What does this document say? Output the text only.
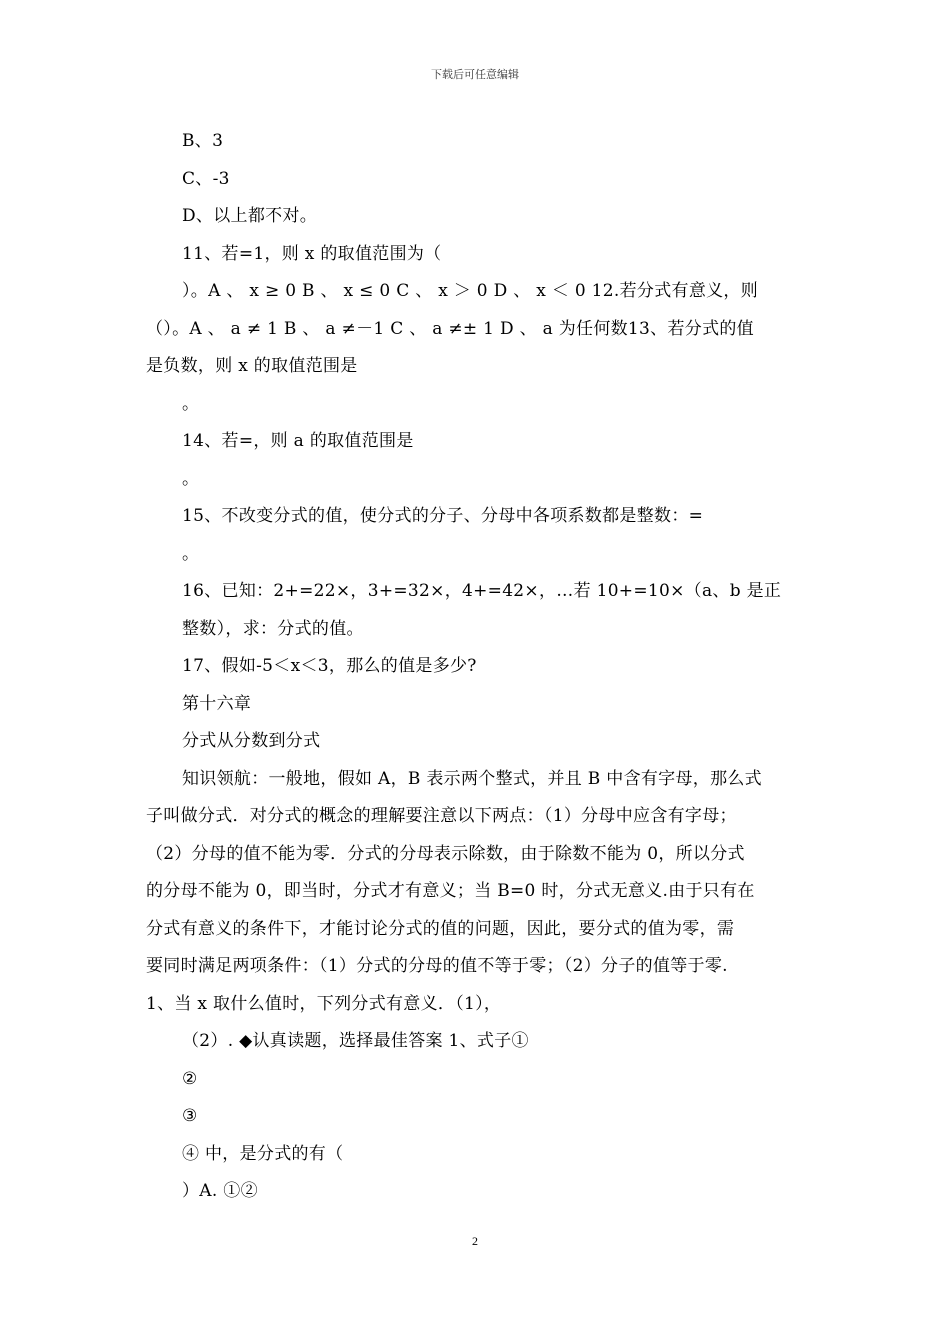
下载后可任意编辑
B、3
C、-3
D、以上都不对。
11、若=1，则 x 的取值范围为（
）。A 、 x ≥ 0 B 、 x ≤ 0 C 、 x ＞ 0 D 、 x ＜ 0 12.若分式有意义，则
（）。A 、 a ≠ 1 B 、 a ≠－1 C 、 a ≠± 1 D 、 a 为任何数13、若分式的值
是负数，则 x 的取值范围是
。
14、若=，则 a 的取值范围是
。
15、不改变分式的值，使分式的分子、分母中各项系数都是整数：=
。
16、已知：2+=22×，3+=32×，4+=42×，…若 10+=10×（a、b 是正
整数），求：分式的值。
17、假如-5＜x＜3，那么的值是多少?
第十六章
分式从分数到分式
知识领航：一般地，假如 A，B 表示两个整式，并且 B 中含有字母，那么式
子叫做分式．对分式的概念的理解要注意以下两点：（1）分母中应含有字母；
（2）分母的值不能为零．分式的分母表示除数，由于除数不能为 0，所以分式
的分母不能为 0，即当时，分式才有意义；当 B=0 时，分式无意义.由于只有在
分式有意义的条件下，才能讨论分式的值的问题，因此，要分式的值为零，需
要同时满足两项条件：（1）分式的分母的值不等于零；（2）分子的值等于零.
1、当 x 取什么值时，下列分式有意义．（1），
（2）. ◆认真读题，选择最佳答案 1、式子①
②
③
④ 中，是分式的有（
）A. ①②
2
